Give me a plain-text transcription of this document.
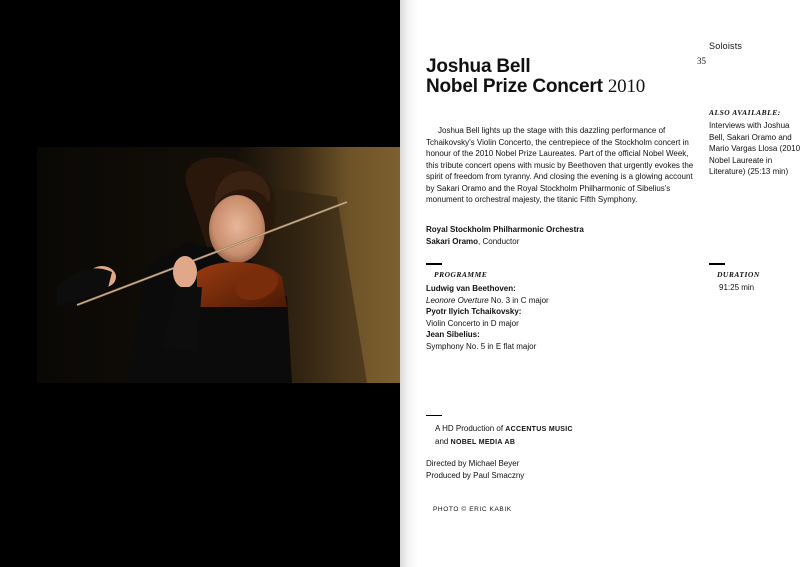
Soloists
35
Joshua Bell
Nobel Prize Concert 2010
Joshua Bell lights up the stage with this dazzling performance of Tchaikovsky's Violin Concerto, the centrepiece of the Stockholm concert in honour of the 2010 Nobel Prize Laureates. Part of the official Nobel Week, this tribute concert opens with music by Beethoven that urgently evokes the spirit of freedom from tyranny. And closing the evening is a glowing account by Sakari Oramo and the Royal Stockholm Philharmonic of Sibelius's monument to orchestral majesty, the titanic Fifth Symphony.
Royal Stockholm Philharmonic Orchestra
Sakari Oramo, Conductor
ALSO AVAILABLE:
Interviews with Joshua Bell, Sakari Oramo and Mario Vargas Llosa (2010 Nobel Laureate in Literature) (25:13 min)
PROGRAMME
Ludwig van Beethoven:
Leonore Overture No. 3 in C major
Pyotr Ilyich Tchaikovsky:
Violin Concerto in D major
Jean Sibelius:
Symphony No. 5 in E flat major
DURATION
91:25 min
A HD Production of ACCENTUS MUSIC
and NOBEL MEDIA AB
Directed by Michael Beyer
Produced by Paul Smaczny
PHOTO © ERIC KABIK
